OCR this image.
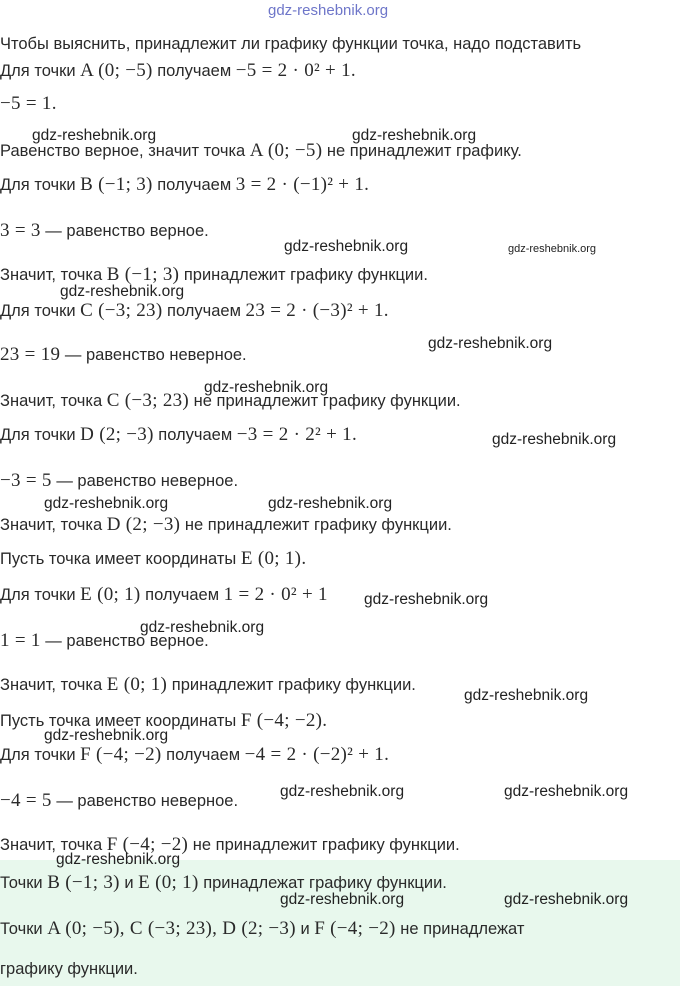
gdz-reshebnik.org
Чтобы выяснить, принадлежит ли графику функции точка, надо подставить
Для точки A (0; −5) получаем −5 = 2 · 0² + 1.
−5 = 1.
Равенство верное, значит точка A (0; −5) не принадлежит графику.
Для точки B (−1; 3) получаем 3 = 2 · (−1)² + 1.
3 = 3 — равенство верное.
Значит, точка B (−1; 3) принадлежит графику функции.
Для точки C (−3; 23) получаем 23 = 2 · (−3)² + 1.
23 = 19 — равенство неверное.
Значит, точка C (−3; 23) не принадлежит графику функции.
Для точки D (2; −3) получаем −3 = 2 · 2² + 1.
−3 = 5 — равенство неверное.
Значит, точка D (2; −3) не принадлежит графику функции.
Пусть точка имеет координаты E (0; 1).
Для точки E (0; 1) получаем 1 = 2 · 0² + 1
1 = 1 — равенство верное.
Значит, точка E (0; 1) принадлежит графику функции.
Пусть точка имеет координаты F (−4; −2).
Для точки F (−4; −2) получаем −4 = 2 · (−2)² + 1.
−4 = 5 — равенство неверное.
Значит, точка F (−4; −2) не принадлежит графику функции.
Точки B (−1; 3) и E (0; 1) принадлежат графику функции.
Точки A (0; −5), C (−3; 23), D (2; −3) и F (−4; −2) не принадлежат
графику функции.
gdz-reshebnik.org	gdz-reshebnik.org
gdz-reshebnik.org	gdz-reshebnik.org
gdz-reshebnik.org
gdz-reshebnik.org
gdz-reshebnik.org
gdz-reshebnik.org
gdz-reshebnik.org	gdz-reshebnik.org
gdz-reshebnik.org
gdz-reshebnik.org
gdz-reshebnik.org
gdz-reshebnik.org
gdz-reshebnik.org	gdz-reshebnik.org
gdz-reshebnik.org
gdz-reshebnik.org	gdz-reshebnik.org
